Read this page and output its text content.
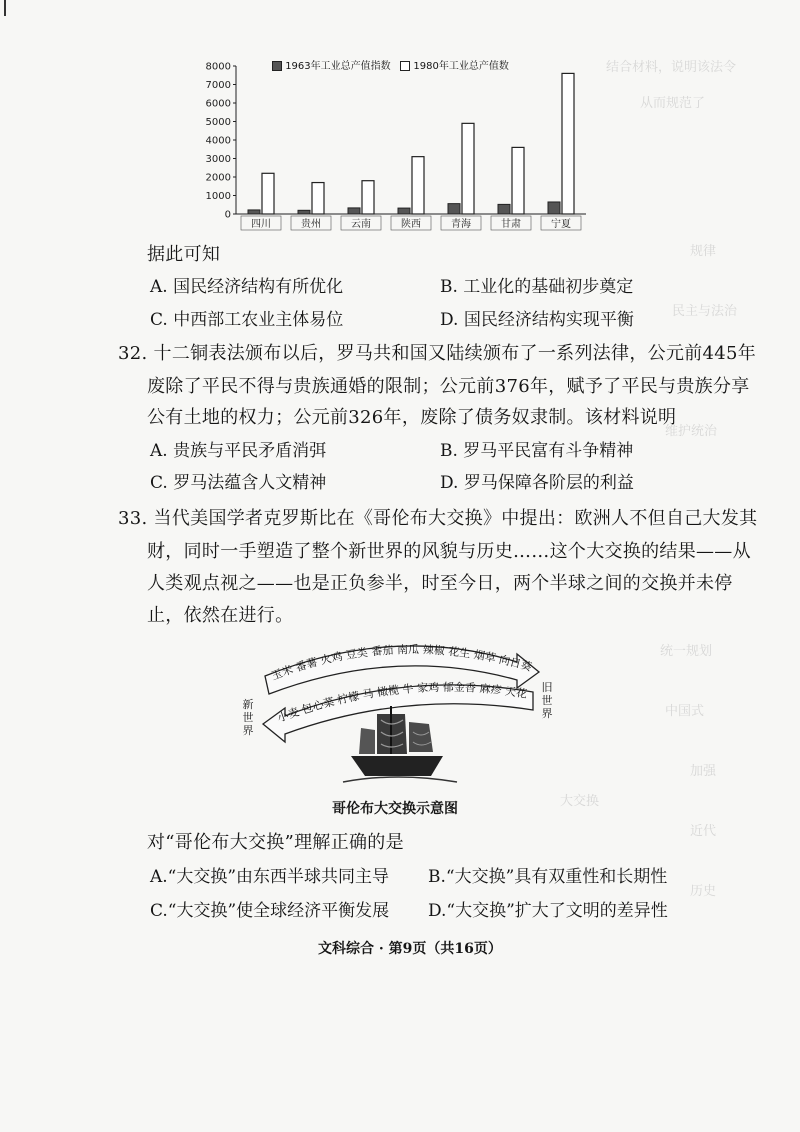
结合材料，说明该法令
从而规范了
规律
民主与法治
维护统治
统一规划
中国式
加强
近代
大交换
历史
1963年工业总产值指数 1980年工业总产值数
0
1000
2000
3000
4000
5000
6000
7000
8000
四川	贵州	云南	陕西	青海	甘肃	宁夏
据此可知
A. 国民经济结构有所优化	B. 工业化的基础初步奠定
C. 中西部工农业主体易位	D. 国民经济结构实现平衡
32. 十二铜表法颁布以后，罗马共和国又陆续颁布了一系列法律，公元前445年
废除了平民不得与贵族通婚的限制；公元前376年，赋予了平民与贵族分享
公有土地的权力；公元前326年，废除了债务奴隶制。该材料说明
A. 贵族与平民矛盾消弭	B. 罗马平民富有斗争精神
C. 罗马法蕴含人文精神	D. 罗马保障各阶层的利益
33. 当代美国学者克罗斯比在《哥伦布大交换》中提出：欧洲人不但自己大发其
财，同时一手塑造了整个新世界的风貌与历史……这个大交换的结果——从
人类观点视之——也是正负参半，时至今日，两个半球之间的交换并未停
止，依然在进行。
玉米 番薯 火鸡 豆类 番茄 南瓜 辣椒 花生 烟草 向日葵
小麦 包心菜 柠檬 马 橄榄 牛 家鸡 郁金香 麻疹 天花
新世界
旧世界
哥伦布大交换示意图
对“哥伦布大交换”理解正确的是
A.“大交换”由东西半球共同主导 B.“大交换”具有双重性和长期性
C.“大交换”使全球经济平衡发展 D.“大交换”扩大了文明的差异性
文科综合 · 第9页（共16页）
